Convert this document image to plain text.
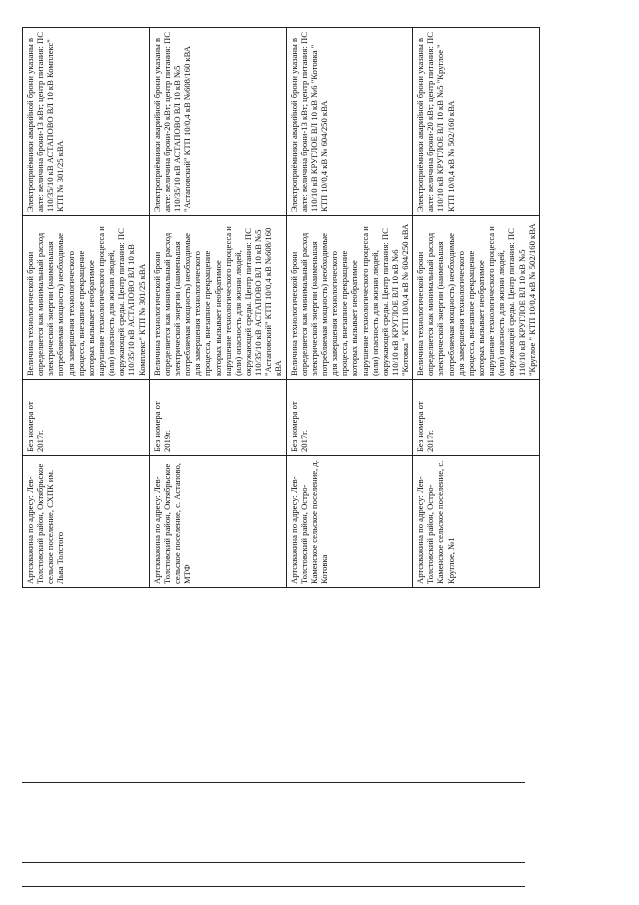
Артскважина по адресу: Лев-Толстовский район, Октябрьское сельское поселение, СХПК им. Льва Толстого	Без номера от 2017г.	Величина технологической брони определяется как минимальный расход электрической энергии (наименьшая потребляемая мощность) необходимые для завершения технологического процесса, внезапное прекращение которых вызывает необратимое нарушение технологического процесса и (или) опасность для жизни людей, окружающей среды. Центр питания: ПС 110/35/10 кВ АСТАПОВО ВЛ 10 кВ Комплекс" КТП № 301/25 кВА	Электроприёмники аварийной брони указаны в акте: величина брони-13 кВт; центр питания: ПС 110/35/10 кВ АСТАПОВО ВЛ 10 кВ Комплекс" КТП № 301/25 кВА
Артскважина по адресу: Лев-Толстовский район, Октябрьское сельское поселение, с. Астапово, МТФ	Без номера от 2019г.	Величина технологической брони определяется как минимальный расход электрической энергии (наименьшая потребляемая мощность) необходимые для завершения технологического процесса, внезапное прекращение которых вызывает необратимое нарушение технологического процесса и (или) опасность для жизни людей, окружающей среды. Центр питания: ПС 110/35/10 кВ АСТАПОВО ВЛ 10 кВ №5 "Астаповский" КТП 10/0,4 кВ №608/160 кВА	Электроприёмники аварийной брони указаны в акте: величина брони-20 кВт; центр питания: ПС 110/35/10 кВ АСТАПОВО ВЛ 10 кВ №5 "Астаповский" КТП 10/0,4 кВ №608/160 кВА
Артскважина по адресу: Лев-Толстовский район, Остро-Каменское сельское поселение, д. Котовка	Без номера от 2017г.	Величина технологической брони определяется как минимальный расход электрической энергии (наименьшая потребляемая мощность) необходимые для завершения технологического процесса, внезапное прекращение которых вызывает необратимое нарушение технологического процесса и (или) опасность для жизни людей, окружающей среды. Центр питания: ПС 110/10 кВ КРУГЛОЕ ВЛ 10 кВ №6 "Котовка " КТП 10/0,4 кВ № 604/250 кВА	Электроприёмники аварийной брони указаны в акте: величина брони-13 кВт; центр питания: ПС 110/10 кВ КРУГЛОЕ ВЛ 10 кВ №6 "Котовка " КТП 10/0,4 кВ № 604/250 кВА
Артскважина по адресу: Лев-Толстовский район, Остро-Каменское сельское поселение, с. Круглое, №1	Без номера от 2017г.	Величина технологической брони определяется как минимальный расход электрической энергии (наименьшая потребляемая мощность) необходимые для завершения технологического процесса, внезапное прекращение которых вызывает необратимое нарушение технологического процесса и (или) опасность для жизни людей, окружающей среды. Центр питания: ПС 110/10 кВ КРУГЛОЕ ВЛ 10 кВ №5 "Круглое " КТП 10/0,4 кВ № 502/160 кВА	Электроприёмники аварийной брони указаны в акте: величина брони-20 кВт; центр питания: ПС 110/10 кВ КРУГЛОЕ ВЛ 10 кВ №5 "Круглое " КТП 10/0,4 кВ № 502/160 кВА
